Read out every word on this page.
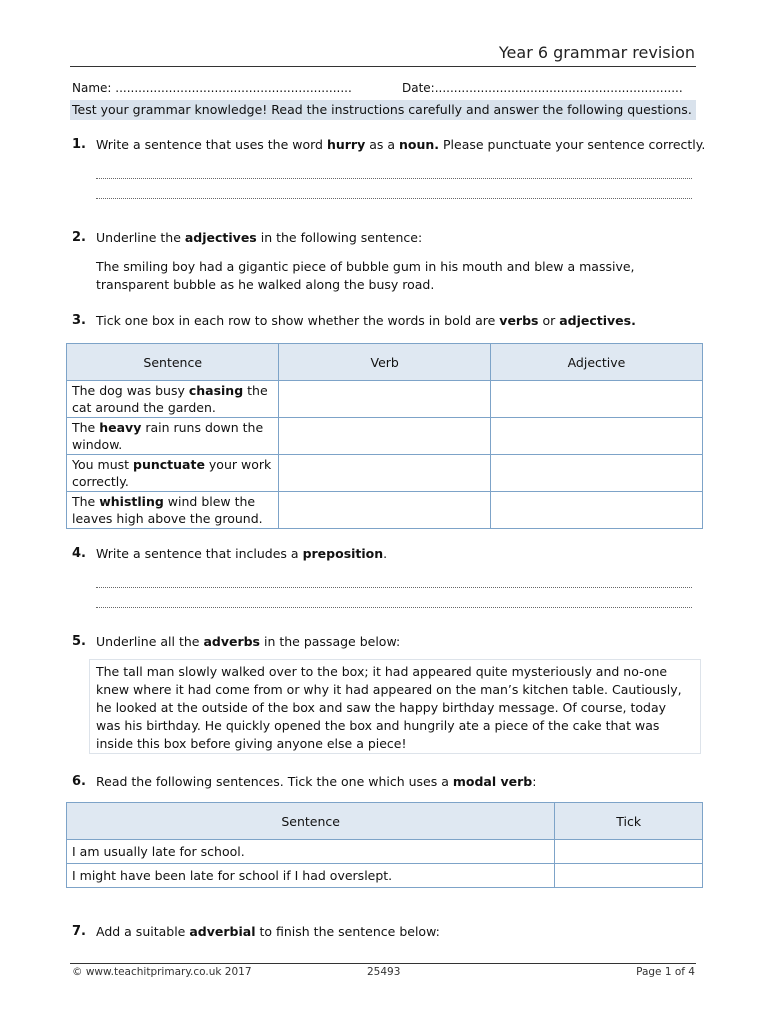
Year 6 grammar revision
Name: ..............................................................	Date:.................................................................
Test your grammar knowledge! Read the instructions carefully and answer the following questions.
1. Write a sentence that uses the word hurry as a noun. Please punctuate your sentence correctly.
2. Underline the adjectives in the following sentence:
The smiling boy had a gigantic piece of bubble gum in his mouth and blew a massive,
transparent bubble as he walked along the busy road.
3. Tick one box in each row to show whether the words in bold are verbs or adjectives.
Sentence	Verb	Adjective
The dog was busy chasing the cat around the garden.		
The heavy rain runs down the window.		
You must punctuate your work correctly.		
The whistling wind blew the leaves high above the ground.		
4. Write a sentence that includes a preposition.
5. Underline all the adverbs in the passage below:
The tall man slowly walked over to the box; it had appeared quite mysteriously and no-one
knew where it had come from or why it had appeared on the man’s kitchen table. Cautiously,
he looked at the outside of the box and saw the happy birthday message. Of course, today
was his birthday. He quickly opened the box and hungrily ate a piece of the cake that was
inside this box before giving anyone else a piece!
6. Read the following sentences. Tick the one which uses a modal verb:
Sentence	Tick
I am usually late for school.	
I might have been late for school if I had overslept.	
7. Add a suitable adverbial to finish the sentence below:
© www.teachitprimary.co.uk 2017	25493	Page 1 of 4
